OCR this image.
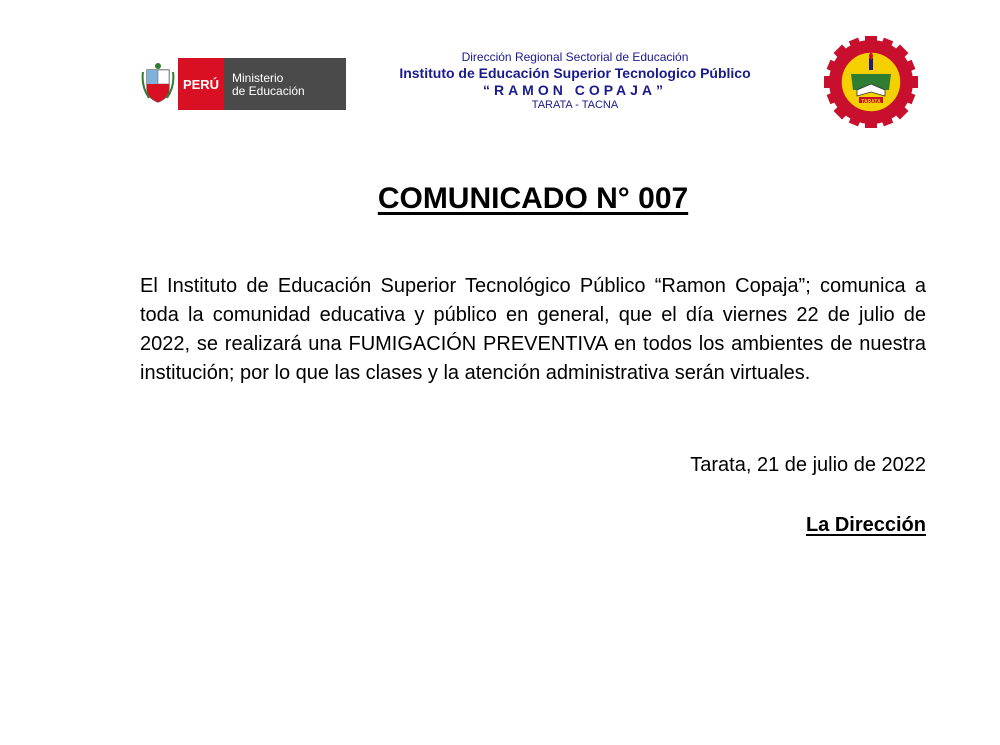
PERÚ	Ministerio
de Educación
Dirección Regional Sectorial de Educación
Instituto de Educación Superior Tecnologico Público
“RAMON COPAJA”
TARATA - TACNA	TARATA
COMUNICADO N° 007
El Instituto de Educación Superior Tecnológico Público “Ramon Copaja”; comunica a toda la comunidad educativa y público en general, que el día viernes 22 de julio de 2022, se realizará una FUMIGACIÓN PREVENTIVA en todos los ambientes de nuestra institución; por lo que las clases y la atención administrativa serán virtuales.
Tarata, 21 de julio de 2022
La Dirección
